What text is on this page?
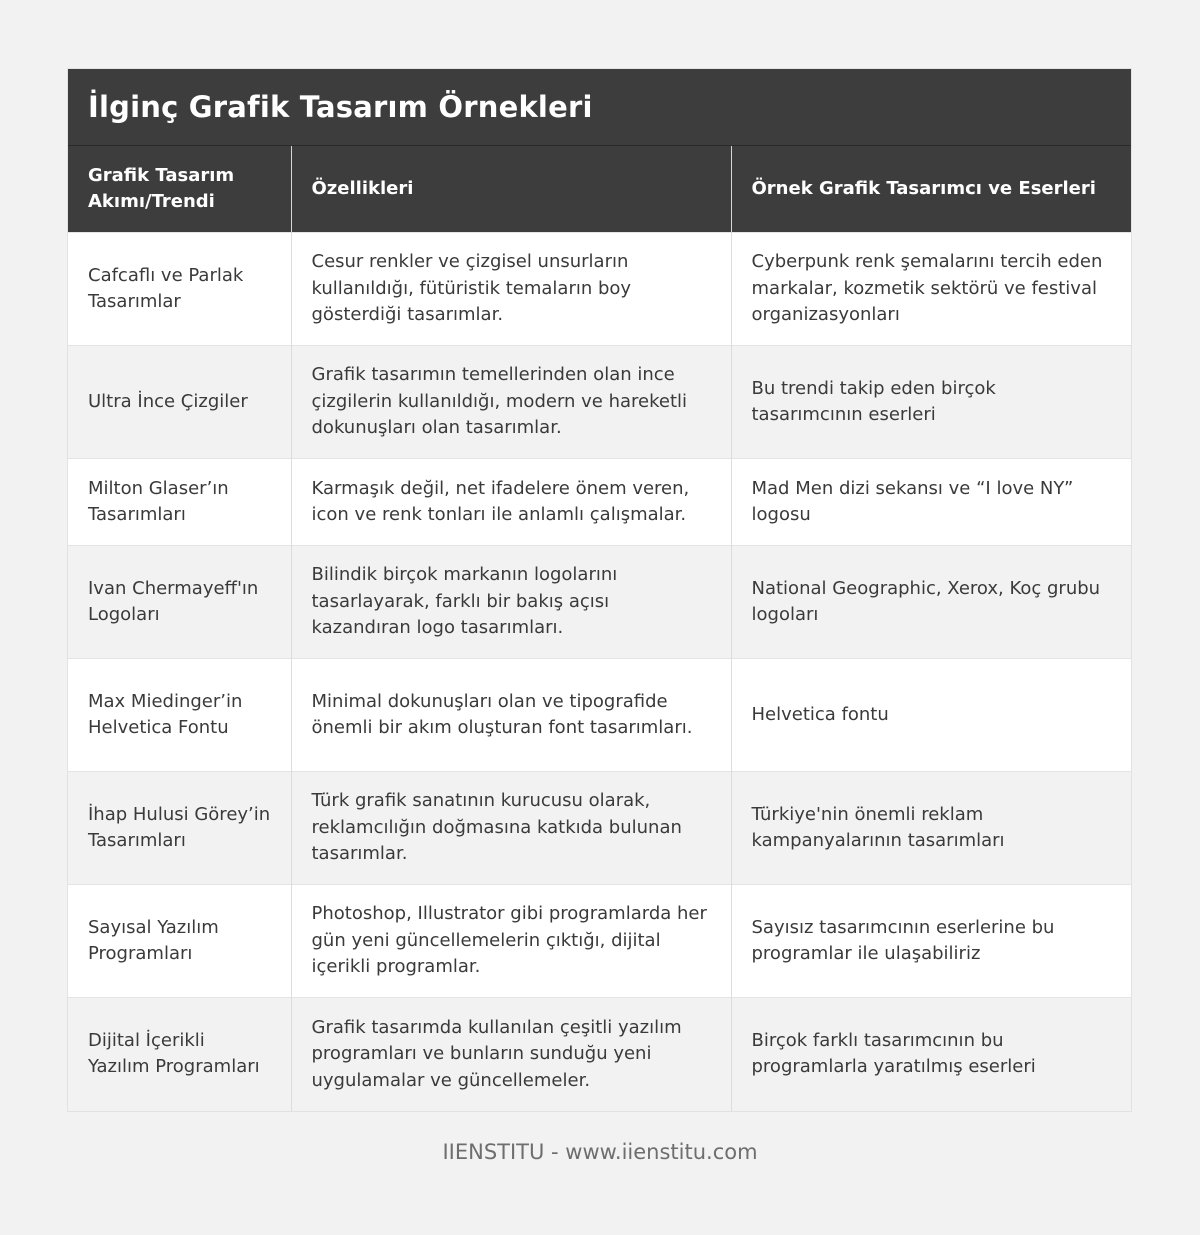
İlginç Grafik Tasarım Örnekleri
Grafik Tasarım Akımı/Trendi	Özellikleri	Örnek Grafik Tasarımcı ve Eserleri
Cafcaflı ve Parlak Tasarımlar	Cesur renkler ve çizgisel unsurların kullanıldığı, fütüristik temaların boy gösterdiği tasarımlar.	Cyberpunk renk şemalarını tercih eden markalar, kozmetik sektörü ve festival organizasyonları
Ultra İnce Çizgiler	Grafik tasarımın temellerinden olan ince çizgilerin kullanıldığı, modern ve hareketli dokunuşları olan tasarımlar.	Bu trendi takip eden birçok tasarımcının eserleri
Milton Glaser’ın Tasarımları	Karmaşık değil, net ifadelere önem veren, icon ve renk tonları ile anlamlı çalışmalar.	Mad Men dizi sekansı ve “I love NY” logosu
Ivan Chermayeff'ın Logoları	Bilindik birçok markanın logolarını tasarlayarak, farklı bir bakış açısı kazandıran logo tasarımları.	National Geographic, Xerox, Koç grubu logoları
Max Miedinger’in Helvetica Fontu	Minimal dokunuşları olan ve tipografide önemli bir akım oluşturan font tasarımları.	Helvetica fontu
İhap Hulusi Görey’in Tasarımları	Türk grafik sanatının kurucusu olarak, reklamcılığın doğmasına katkıda bulunan tasarımlar.	Türkiye'nin önemli reklam kampanyalarının tasarımları
Sayısal Yazılım Programları	Photoshop, Illustrator gibi programlarda her gün yeni güncellemelerin çıktığı, dijital içerikli programlar.	Sayısız tasarımcının eserlerine bu programlar ile ulaşabiliriz
Dijital İçerikli Yazılım Programları	Grafik tasarımda kullanılan çeşitli yazılım programları ve bunların sunduğu yeni uygulamalar ve güncellemeler.	Birçok farklı tasarımcının bu programlarla yaratılmış eserleri
IIENSTITU - www.iienstitu.com
